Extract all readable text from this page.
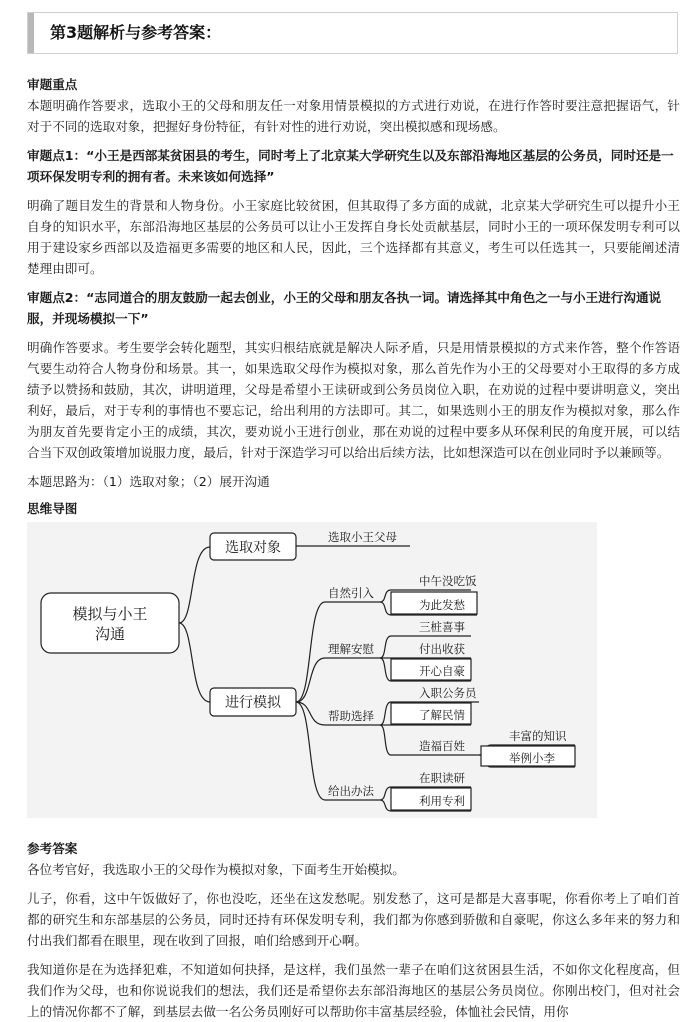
第3题解析与参考答案：

审题重点

本题明确作答要求，选取小王的父母和朋友任一对象用情景模拟的方式进行劝说，在进行作答时要注意把握语气，针对于不同的选取对象，把握好身份特征，有针对性的进行劝说，突出模拟感和现场感。

审题点1：“小王是西部某贫困县的考生，同时考上了北京某大学研究生以及东部沿海地区基层的公务员，同时还是一项环保发明专利的拥有者。未来该如何选择”

明确了题目发生的背景和人物身份。小王家庭比较贫困，但其取得了多方面的成就，北京某大学研究生可以提升小王自身的知识水平，东部沿海地区基层的公务员可以让小王发挥自身长处贡献基层，同时小王的一项环保发明专利可以用于建设家乡西部以及造福更多需要的地区和人民，因此，三个选择都有其意义，考生可以任选其一，只要能阐述清楚理由即可。

审题点2：“志同道合的朋友鼓励一起去创业，小王的父母和朋友各执一词。请选择其中角色之一与小王进行沟通说服，并现场模拟一下”

明确作答要求。考生要学会转化题型，其实归根结底就是解决人际矛盾，只是用情景模拟的方式来作答，整个作答语气要生动符合人物身份和场景。其一，如果选取父母作为模拟对象，那么首先作为小王的父母要对小王取得的多方成绩予以赞扬和鼓励，其次，讲明道理，父母是希望小王读研或到公务员岗位入职，在劝说的过程中要讲明意义，突出利好，最后，对于专利的事情也不要忘记，给出利用的方法即可。其二，如果选则小王的朋友作为模拟对象，那么作为朋友首先要肯定小王的成绩，其次，要劝说小王进行创业，那在劝说的过程中要多从环保利民的角度开展，可以结合当下双创政策增加说服力度，最后，针对于深造学习可以给出后续方法，比如想深造可以在创业同时予以兼顾等。

本题思路为：（1）选取对象；（2）展开沟通

思维导图

模拟与小王
沟通
选取对象
选取小王父母
进行模拟
自然引入
中午没吃饭
为此发愁
理解安慰
三桩喜事
付出收获
开心自豪
帮助选择
入职公务员
了解民情
造福百姓
丰富的知识
举例小李
给出办法
在职读研
利用专利

参考答案

各位考官好，我选取小王的父母作为模拟对象，下面考生开始模拟。

儿子，你看，这中午饭做好了，你也没吃，还坐在这发愁呢。别发愁了，这可是都是大喜事呢，你看你考上了咱们首都的研究生和东部基层的公务员，同时还持有环保发明专利，我们都为你感到骄傲和自豪呢，你这么多年来的努力和付出我们都看在眼里，现在收到了回报，咱们给感到开心啊。

我知道你是在为选择犯难，不知道如何抉择，是这样，我们虽然一辈子在咱们这贫困县生活，不如你文化程度高，但我们作为父母，也和你说说我们的想法，我们还是希望你去东部沿海地区的基层公务员岗位。你刚出校门，但对社会上的情况你都不了解，到基层去做一名公务员刚好可以帮助你丰富基层经验，体恤社会民情，用你
